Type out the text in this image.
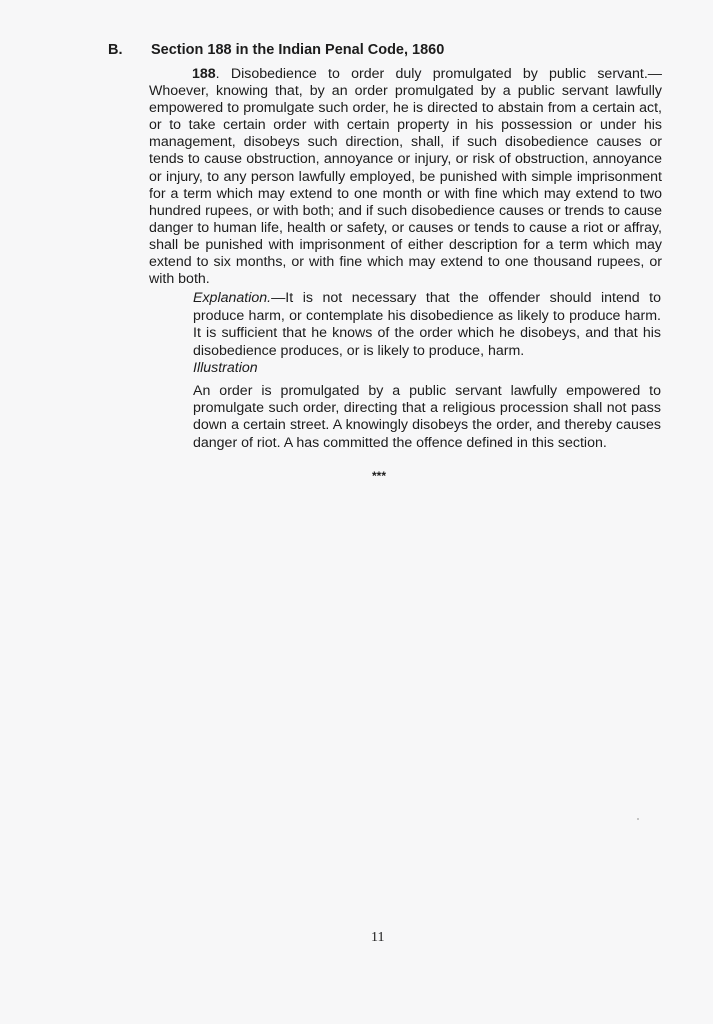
B. Section 188 in the Indian Penal Code, 1860

188. Disobedience to order duly promulgated by public servant.— Whoever, knowing that, by an order promulgated by a public servant lawfully empowered to promulgate such order, he is directed to abstain from a certain act, or to take certain order with certain property in his possession or under his management, disobeys such direction, shall, if such disobedience causes or tends to cause obstruction, annoyance or injury, or risk of obstruction, annoyance or injury, to any person lawfully employed, be punished with simple imprisonment for a term which may extend to one month or with fine which may extend to two hundred rupees, or with both; and if such disobedience causes or trends to cause danger to human life, health or safety, or causes or tends to cause a riot or affray, shall be punished with imprisonment of either description for a term which may extend to six months, or with fine which may extend to one thousand rupees, or with both.

Explanation.—It is not necessary that the offender should intend to produce harm, or contemplate his disobedience as likely to produce harm. It is sufficient that he knows of the order which he disobeys, and that his disobedience produces, or is likely to produce, harm.

Illustration

An order is promulgated by a public servant lawfully empowered to promulgate such order, directing that a religious procession shall not pass down a certain street. A knowingly disobeys the order, and thereby causes danger of riot. A has committed the offence defined in this section.

***
11
